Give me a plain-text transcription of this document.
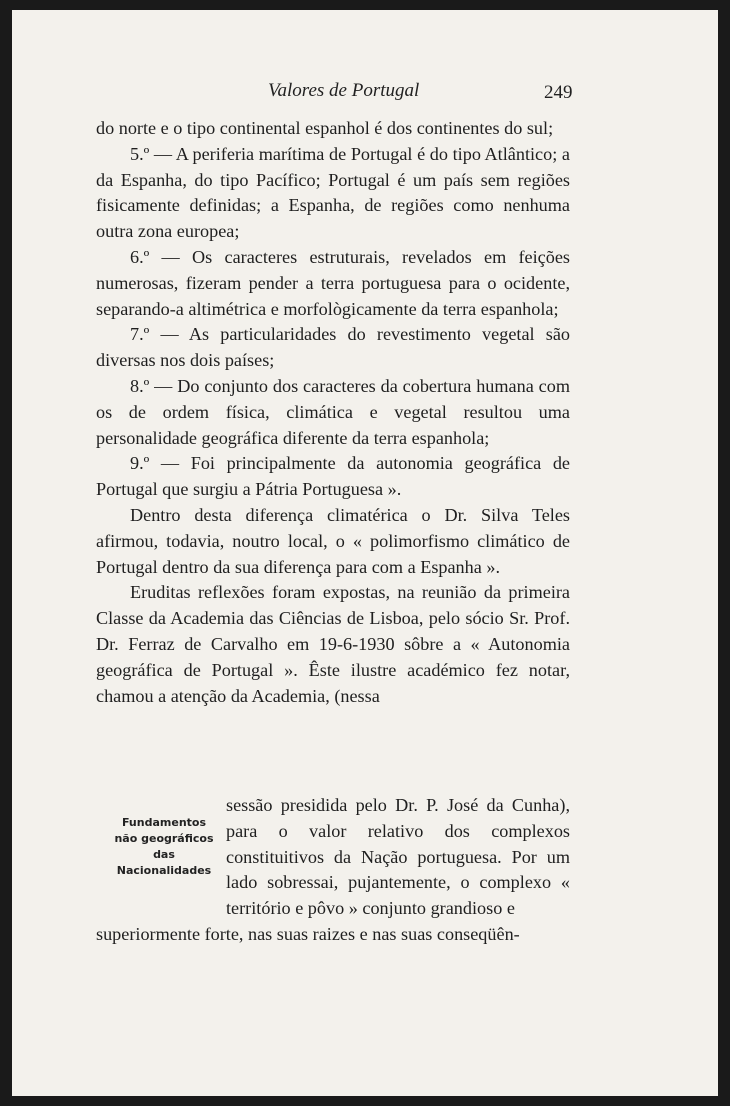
Valores de Portugal	249

do norte e o tipo continental espanhol é dos continentes do sul;

5.º — A periferia marítima de Portugal é do tipo Atlântico; a da Espanha, do tipo Pacífico; Portugal é um país sem regiões fisicamente definidas; a Espanha, de regiões como nenhuma outra zona europea;

6.º — Os caracteres estruturais, revelados em feições numerosas, fizeram pender a terra portuguesa para o ocidente, separando-a altimétrica e morfològicamente da terra espanhola;

7.º — As particularidades do revestimento vegetal são diversas nos dois países;

8.º — Do conjunto dos caracteres da cobertura humana com os de ordem física, climática e vegetal resultou uma personalidade geográfica diferente da terra espanhola;

9.º — Foi principalmente da autonomia geográfica de Portugal que surgiu a Pátria Portuguesa ».

Dentro desta diferença climatérica o Dr. Silva Teles afirmou, todavia, noutro local, o « polimorfismo climático de Portugal dentro da sua diferença para com a Espanha ».

Eruditas reflexões foram expostas, na reunião da primeira Classe da Academia das Ciências de Lisboa, pelo sócio Sr. Prof. Dr. Ferraz de Carvalho em 19-6-1930 sôbre a « Autonomia geográfica de Portugal ». Êste ilustre académico fez notar, chamou a atenção da Academia, (nessa

sessão presidida pelo Dr. P. José da Cunha), para o valor relativo dos complexos constituitivos da Nação portuguesa. Por um lado sobressai, pujantemente, o complexo « território e pôvo » conjunto grandioso e
superiormente forte, nas suas raizes e nas suas conseqüên-
Fundamentos
não geográficos
das
Nacionalidades
